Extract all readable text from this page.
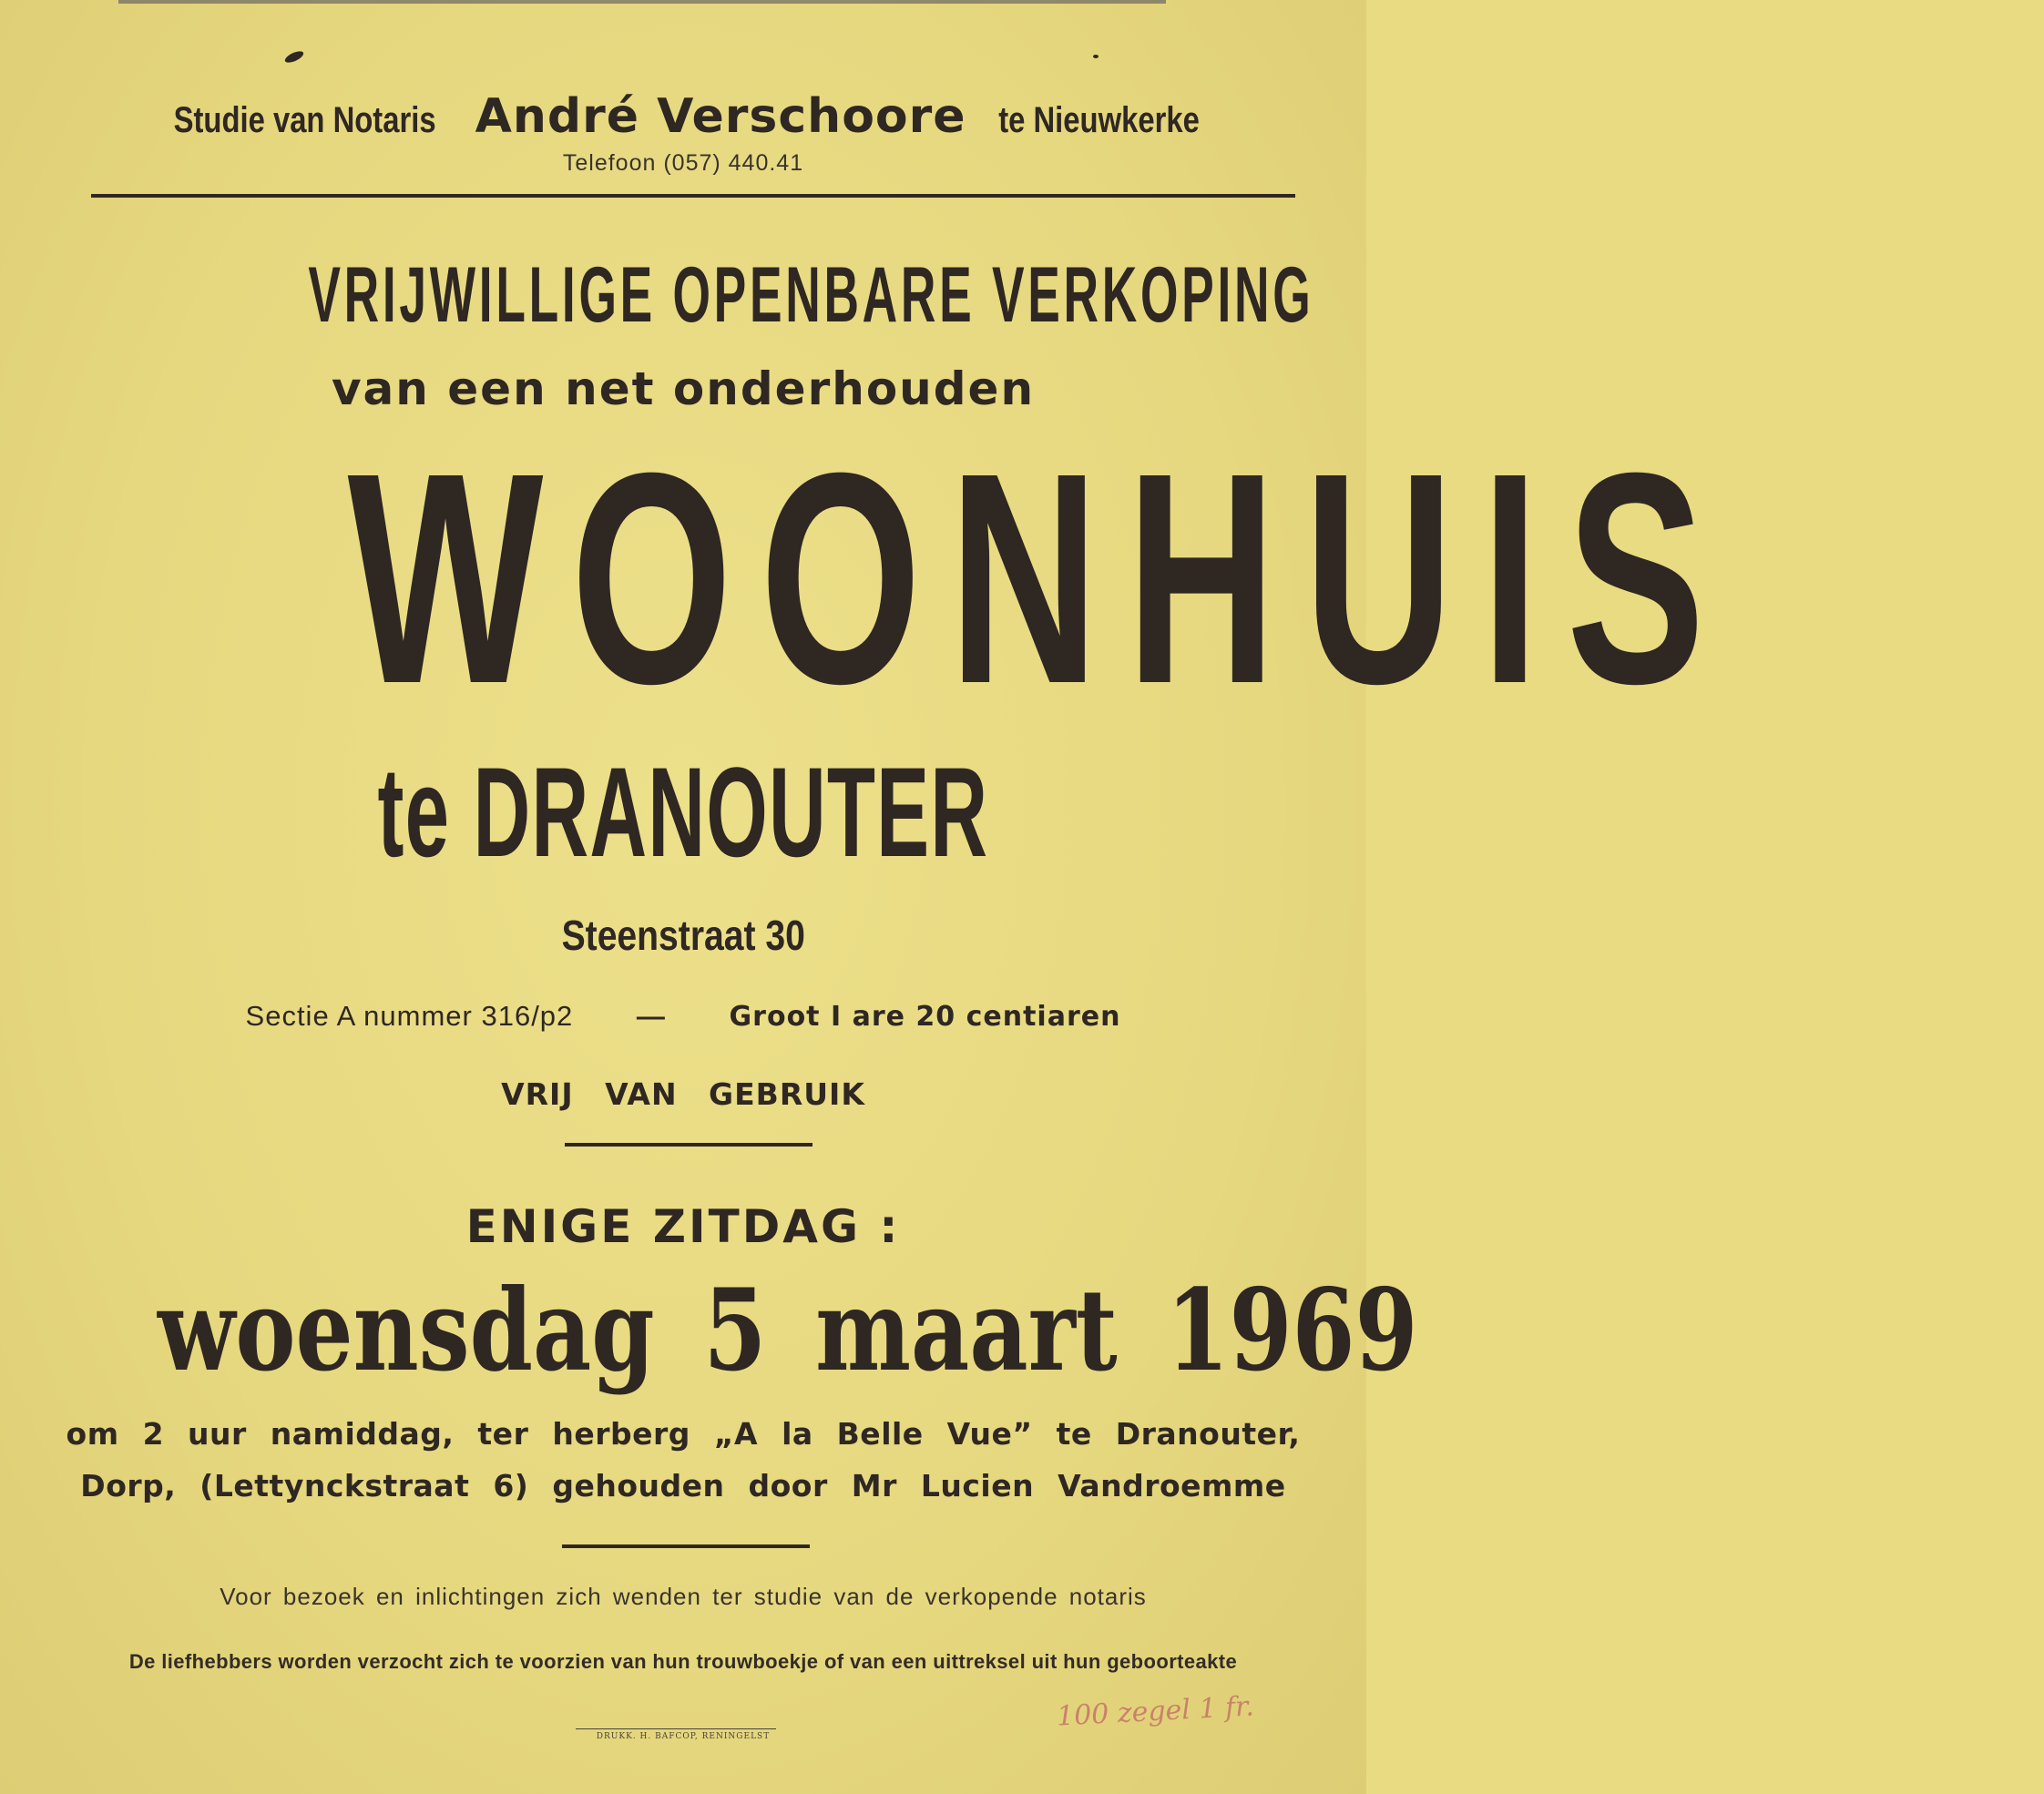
Studie van Notaris André Verschoore te Nieuwkerke
Telefoon (057) 440.41
VRIJWILLIGE OPENBARE VERKOPING
van een net onderhouden
WOONHUIS
te DRANOUTER
Steenstraat 30
Sectie A nummer 316/p2 — Groot I are 20 centiaren
VRIJ VAN GEBRUIK
ENIGE ZITDAG :
woensdag 5 maart 1969
om 2 uur namiddag, ter herberg „A la Belle Vue” te Dranouter,
Dorp, (Lettynckstraat 6) gehouden door Mr Lucien Vandroemme
Voor bezoek en inlichtingen zich wenden ter studie van de verkopende notaris
De liefhebbers worden verzocht zich te voorzien van hun trouwboekje of van een uittreksel uit hun geboorteakte
DRUKK. H. BAFCOP, RENINGELST
100 zegel 1 fr.
